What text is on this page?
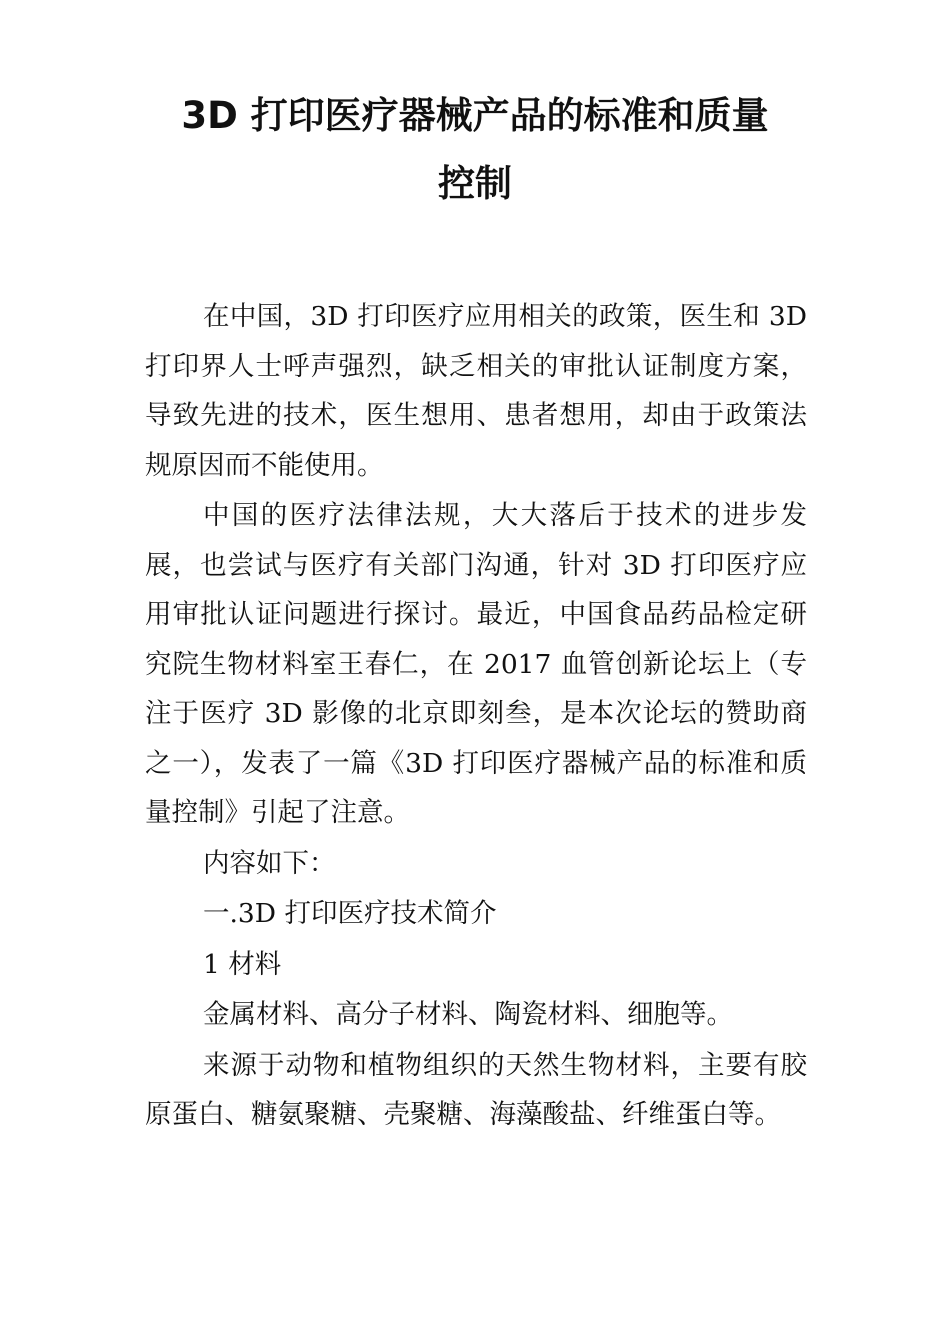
3D 打印医疗器械产品的标准和质量
控制

在中国，3D 打印医疗应用相关的政策，医生和 3D 打印界人士呼声强烈，缺乏相关的审批认证制度方案，导致先进的技术，医生想用、患者想用，却由于政策法规原因而不能使用。

中国的医疗法律法规，大大落后于技术的进步发展，也尝试与医疗有关部门沟通，针对 3D 打印医疗应用审批认证问题进行探讨。最近，中国食品药品检定研究院生物材料室王春仁，在 2017 血管创新论坛上（专注于医疗 3D 影像的北京即刻叁，是本次论坛的赞助商之一），发表了一篇《3D 打印医疗器械产品的标准和质量控制》引起了注意。

内容如下：

一.3D 打印医疗技术简介

1 材料

金属材料、高分子材料、陶瓷材料、细胞等。

来源于动物和植物组织的天然生物材料，主要有胶原蛋白、糖氨聚糖、壳聚糖、海藻酸盐、纤维蛋白等。
